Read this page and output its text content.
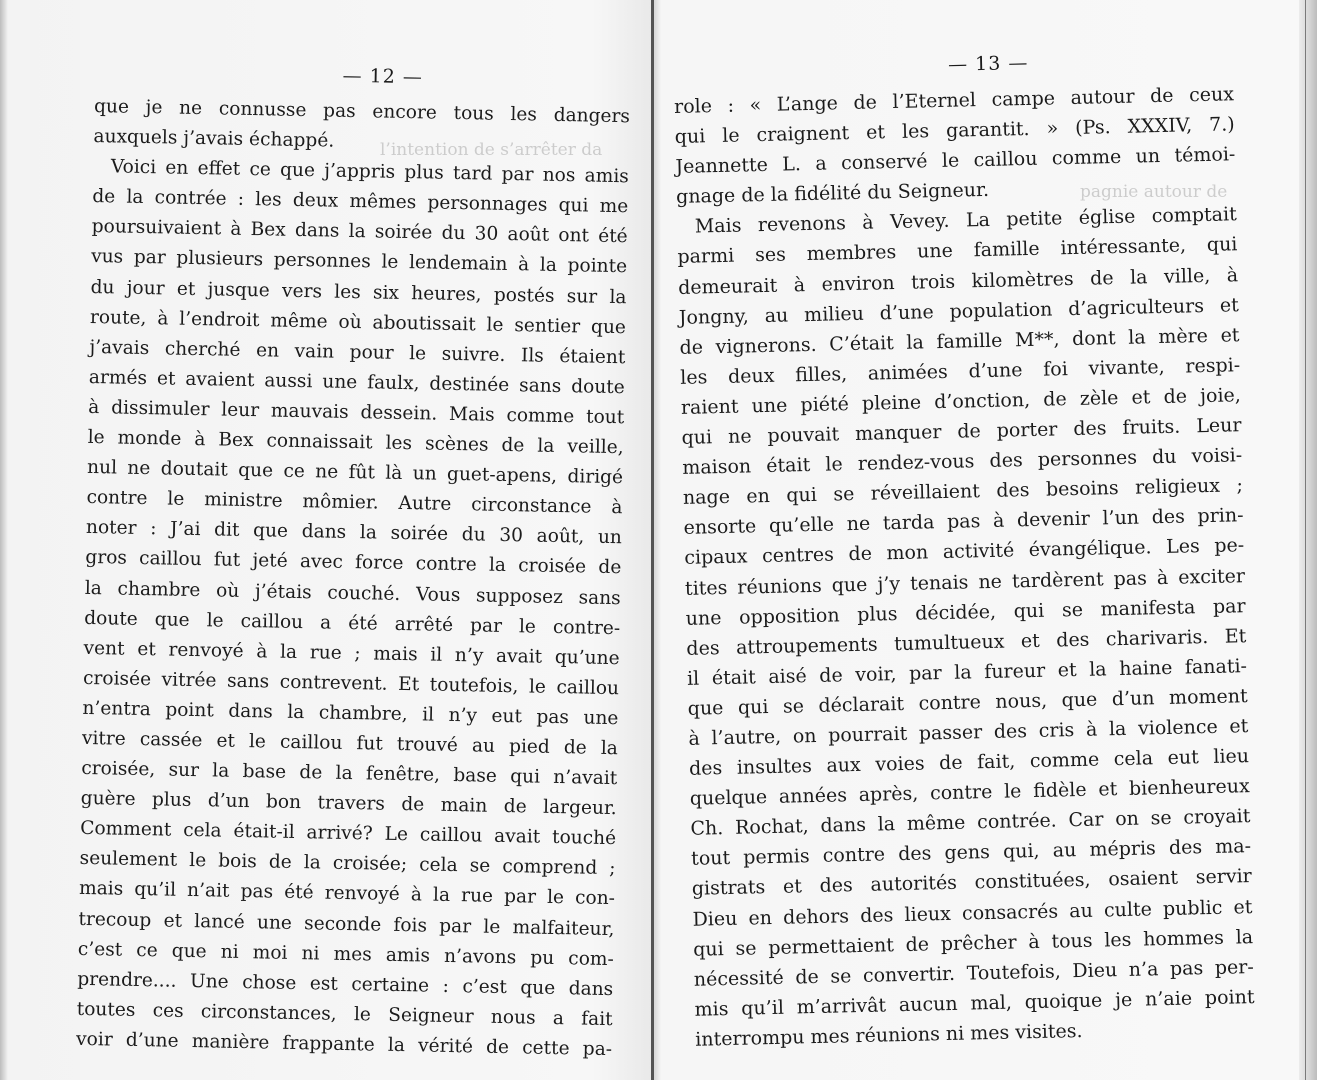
l’intention de s’arrêter da
pagnie autour de
— 12 —

que je ne connusse pas encore tous les dangers

auxquels j’avais échappé.

Voici en effet ce que j’appris plus tard par nos amis

de la contrée : les deux mêmes personnages qui me

poursuivaient à Bex dans la soirée du 30 août ont été

vus par plusieurs personnes le lendemain à la pointe

du jour et jusque vers les six heures, postés sur la

route, à l’endroit même où aboutissait le sentier que

j’avais cherché en vain pour le suivre. Ils étaient

armés et avaient aussi une faulx, destinée sans doute

à dissimuler leur mauvais dessein. Mais comme tout

le monde à Bex connaissait les scènes de la veille,

nul ne doutait que ce ne fût là un guet-apens, dirigé

contre le ministre mômier. Autre circonstance à

noter : J’ai dit que dans la soirée du 30 août, un

gros caillou fut jeté avec force contre la croisée de

la chambre où j’étais couché. Vous supposez sans

doute que le caillou a été arrêté par le contre-

vent et renvoyé à la rue ; mais il n’y avait qu’une

croisée vitrée sans contrevent. Et toutefois, le caillou

n’entra point dans la chambre, il n’y eut pas une

vitre cassée et le caillou fut trouvé au pied de la

croisée, sur la base de la fenêtre, base qui n’avait

guère plus d’un bon travers de main de largeur.

Comment cela était-il arrivé? Le caillou avait touché

seulement le bois de la croisée; cela se comprend ;

mais qu’il n’ait pas été renvoyé à la rue par le con-

trecoup et lancé une seconde fois par le malfaiteur,

c’est ce que ni moi ni mes amis n’avons pu com-

prendre.... Une chose est certaine : c’est que dans

toutes ces circonstances, le Seigneur nous a fait

voir d’une manière frappante la vérité de cette pa-

— 13 —

role : « L’ange de l’Eternel campe autour de ceux

qui le craignent et les garantit. » (Ps. XXXIV, 7.)

Jeannette L. a conservé le caillou comme un témoi-

gnage de la fidélité du Seigneur.

Mais revenons à Vevey. La petite église comptait

parmi ses membres une famille intéressante, qui

demeurait à environ trois kilomètres de la ville, à

Jongny, au milieu d’une population d’agriculteurs et

de vignerons. C’était la famille M**, dont la mère et

les deux filles, animées d’une foi vivante, respi-

raient une piété pleine d’onction, de zèle et de joie,

qui ne pouvait manquer de porter des fruits. Leur

maison était le rendez-vous des personnes du voisi-

nage en qui se réveillaient des besoins religieux ;

ensorte qu’elle ne tarda pas à devenir l’un des prin-

cipaux centres de mon activité évangélique. Les pe-

tites réunions que j’y tenais ne tardèrent pas à exciter

une opposition plus décidée, qui se manifesta par

des attroupements tumultueux et des charivaris. Et

il était aisé de voir, par la fureur et la haine fanati-

que qui se déclarait contre nous, que d’un moment

à l’autre, on pourrait passer des cris à la violence et

des insultes aux voies de fait, comme cela eut lieu

quelque années après, contre le fidèle et bienheureux

Ch. Rochat, dans la même contrée. Car on se croyait

tout permis contre des gens qui, au mépris des ma-

gistrats et des autorités constituées, osaient servir

Dieu en dehors des lieux consacrés au culte public et

qui se permettaient de prêcher à tous les hommes la

nécessité de se convertir. Toutefois, Dieu n’a pas per-

mis qu’il m’arrivât aucun mal, quoique je n’aie point

interrompu mes réunions ni mes visites.
